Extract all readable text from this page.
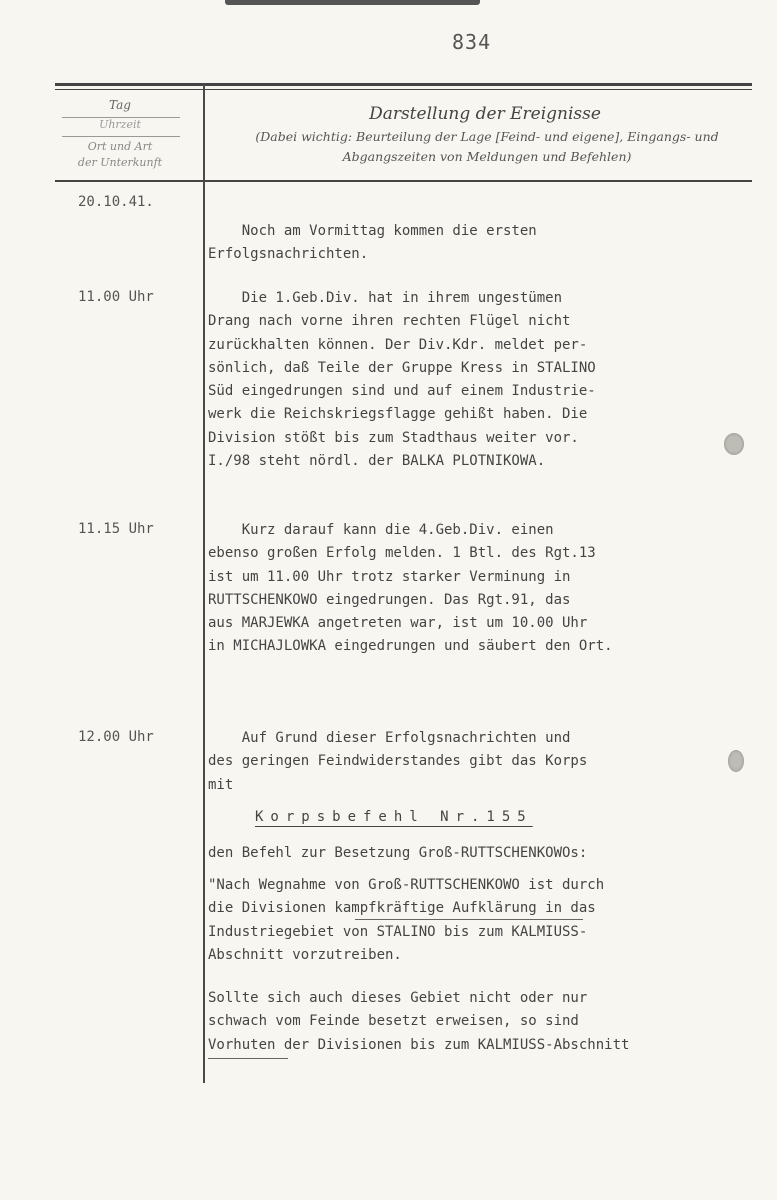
834
Tag
Uhrzeit
Ort und Art
der Unterkunft
Darstellung der Ereignisse
(Dabei wichtig: Beurteilung der Lage [Feind- und eigene], Eingangs- und
Abgangszeiten von Meldungen und Befehlen)
20.10.41.
Noch am Vormittag kommen die ersten
Erfolgsnachrichten.
11.00 Uhr	Die 1.Geb.Div. hat in ihrem ungestümen
Drang nach vorne ihren rechten Flügel nicht
zurückhalten können. Der Div.Kdr. meldet per-
sönlich, daß Teile der Gruppe Kress in STALINO
Süd eingedrungen sind und auf einem Industrie-
werk die Reichskriegsflagge gehißt haben. Die
Division stößt bis zum Stadthaus weiter vor.
I./98 steht nördl. der BALKA PLOTNIKOWA.
11.15 Uhr	Kurz darauf kann die 4.Geb.Div. einen
ebenso großen Erfolg melden. 1 Btl. des Rgt.13
ist um 11.00 Uhr trotz starker Verminung in
RUTTSCHENKOWO eingedrungen. Das Rgt.91, das
aus MARJEWKA angetreten war, ist um 10.00 Uhr
in MICHAJLOWKA eingedrungen und säubert den Ort.
12.00 Uhr	Auf Grund dieser Erfolgsnachrichten und
des geringen Feindwiderstandes gibt das Korps
mit
Korpsbefehl Nr.155
den Befehl zur Besetzung Groß-RUTTSCHENKOWOs:
"Nach Wegnahme von Groß-RUTTSCHENKOWO ist durch
die Divisionen kampfkräftige Aufklärung in das
Industriegebiet von STALINO bis zum KALMIUSS-
Abschnitt vorzutreiben.
Sollte sich auch dieses Gebiet nicht oder nur
schwach vom Feinde besetzt erweisen, so sind
Vorhuten der Divisionen bis zum KALMIUSS-Abschnitt
